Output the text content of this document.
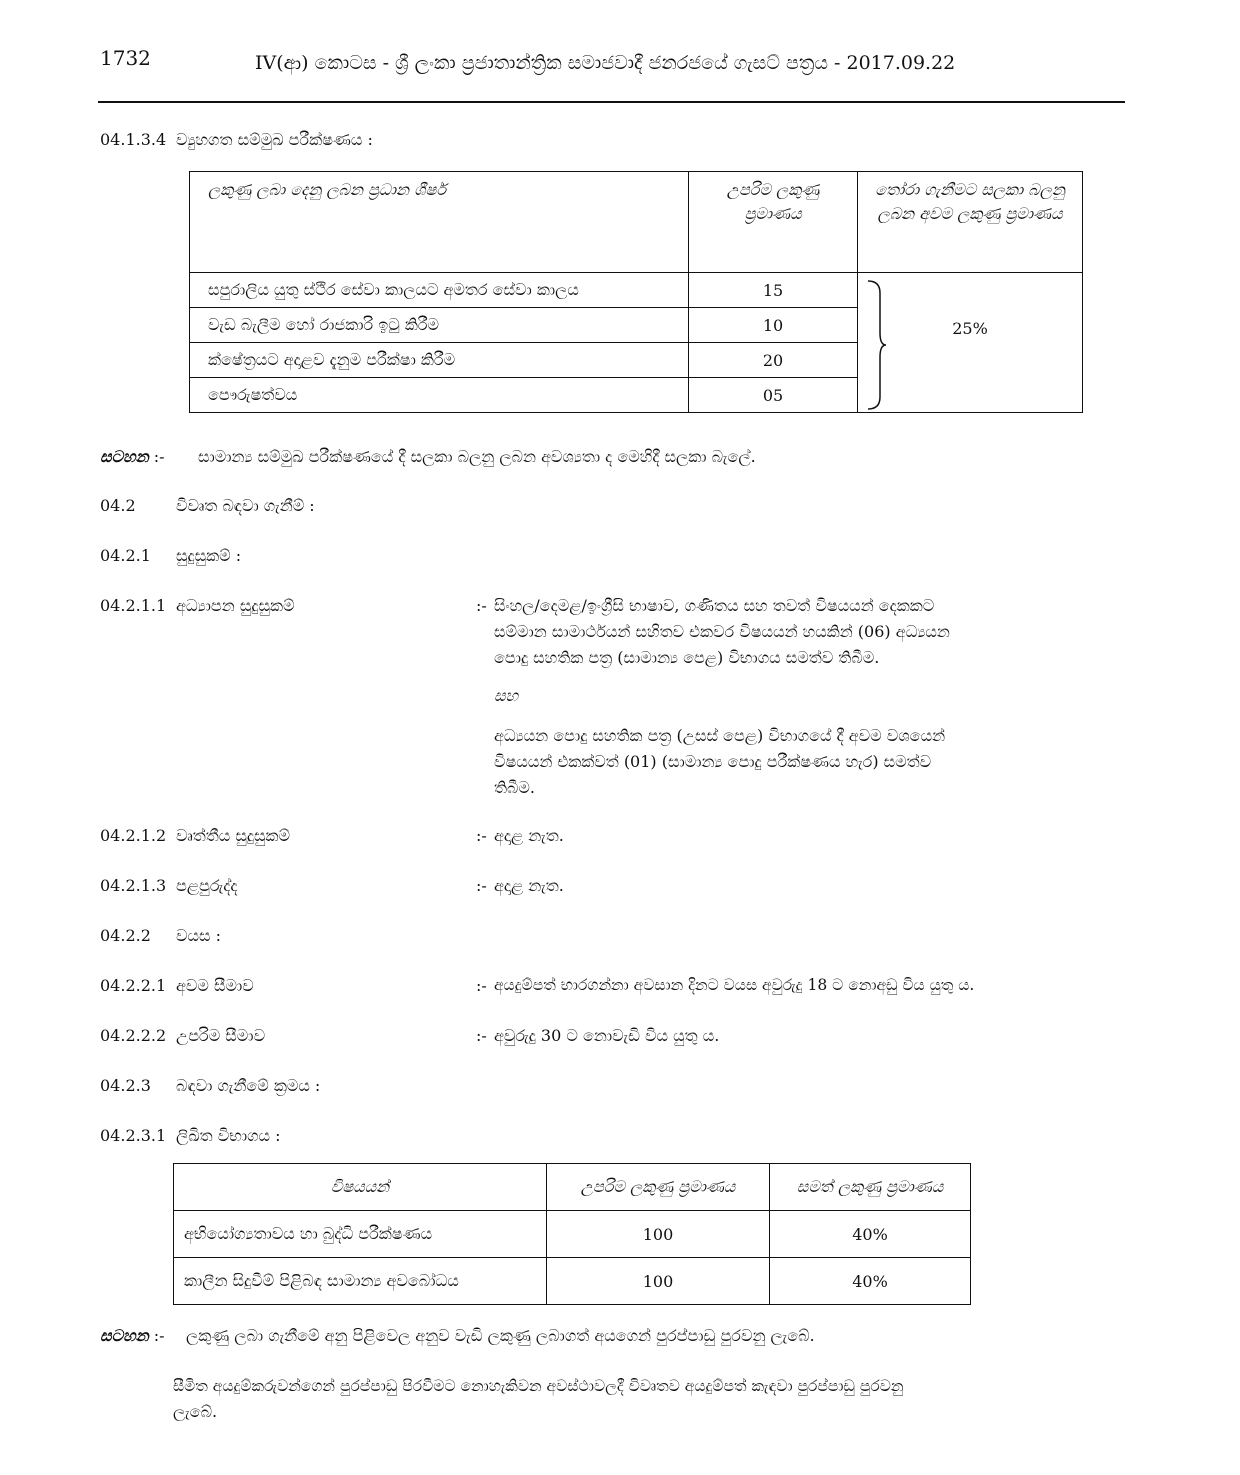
1732	IV(ආ) කොටස - ශ්‍රී ලංකා ප්‍රජාතාන්ත්‍රික සමාජවාදී ජනරජයේ ගැසට් පත්‍රය - 2017.09.22
04.1.3.4 ව්‍යුහගත සම්මුඛ පරීක්ෂණය :
ලකුණු ලබා දෙනු ලබන ප්‍රධාන ශීර්ෂ	උපරිම ලකුණු ප්‍රමාණය	තෝරා ගැනීමට සලකා බලනු ලබන අවම ලකුණු ප්‍රමාණය

සපුරාලිය යුතු ස්ථිර සේවා කාලයට අමතර සේවා කාලය	15	25%

වැඩ බැලීම හෝ රාජකාරි ඉටු කිරීම	10	
ක්ෂේත්‍රයට අදාළව දැනුම පරීක්ෂා කිරීම	20	
පෞරුෂත්වය	05	
සටහන :- සාමාන්‍ය සම්මුඛ පරීක්ෂණයේ දී සලකා බලනු ලබන අවශ්‍යතා ද මෙහිදී සලකා බැලේ.
04.2	විවෘත බඳවා ගැනීම් :
04.2.1 සුදුසුකම් :
04.2.1.1 අධ්‍යාපන සුදුසුකම්	:- සිංහල/දෙමළ/ඉංග්‍රීසි භාෂාව, ගණිතය සහ තවත් විෂයයන් දෙකකට
සම්මාන සාමාර්ථයන් සහිතව එකවර විෂයයන් හයකින් (06) අධ්‍යයන
පොදු සහතික පත්‍ර (සාමාන්‍ය පෙළ) විභාගය සමත්ව තිබීම.
සහ
අධ්‍යයන පොදු සහතික පත්‍ර (උසස් පෙළ) විභාගයේ දී අවම වශයෙන්
විෂයයන් එකක්වත් (01) (සාමාන්‍ය පොදු පරීක්ෂණය හැර) සමත්ව
තිබීම.
04.2.1.2 වෘත්තීය සුදුසුකම්	:- අදාළ නැත.
04.2.1.3 පළපුරුද්ද	:- අදාළ නැත.
04.2.2 වයස :
04.2.2.1 අවම සීමාව	:- අයදුම්පත් භාරගන්නා අවසාන දිනට වයස අවුරුදු 18 ට නොඅඩු විය යුතු ය.
04.2.2.2 උපරිම සීමාව	:- අවුරුදු 30 ට නොවැඩි විය යුතු ය.
04.2.3 බඳවා ගැනීමේ ක්‍රමය :
04.2.3.1 ලිඛිත විභාගය :
විෂයයන්	උපරිම ලකුණු ප්‍රමාණය	සමත් ලකුණු ප්‍රමාණය
අභියෝග්‍යතාවය හා බුද්ධි පරීක්ෂණය	100	40%
කාලීන සිදුවීම් පිළිබඳ සාමාන්‍ය අවබෝධය	100	40%
සටහන :- ලකුණු ලබා ගැනීමේ අනු පිළිවෙල අනුව වැඩි ලකුණු ලබාගත් අයගෙන් පුරප්පාඩු පුරවනු ලැබේ.
සීමිත අයදුම්කරුවන්ගෙන් පුරප්පාඩු පිරවීමට නොහැකිවන අවස්ථාවලදී විවෘතව අයදුම්පත් කැඳවා පුරප්පාඩු පුරවනු
ලැබේ.
